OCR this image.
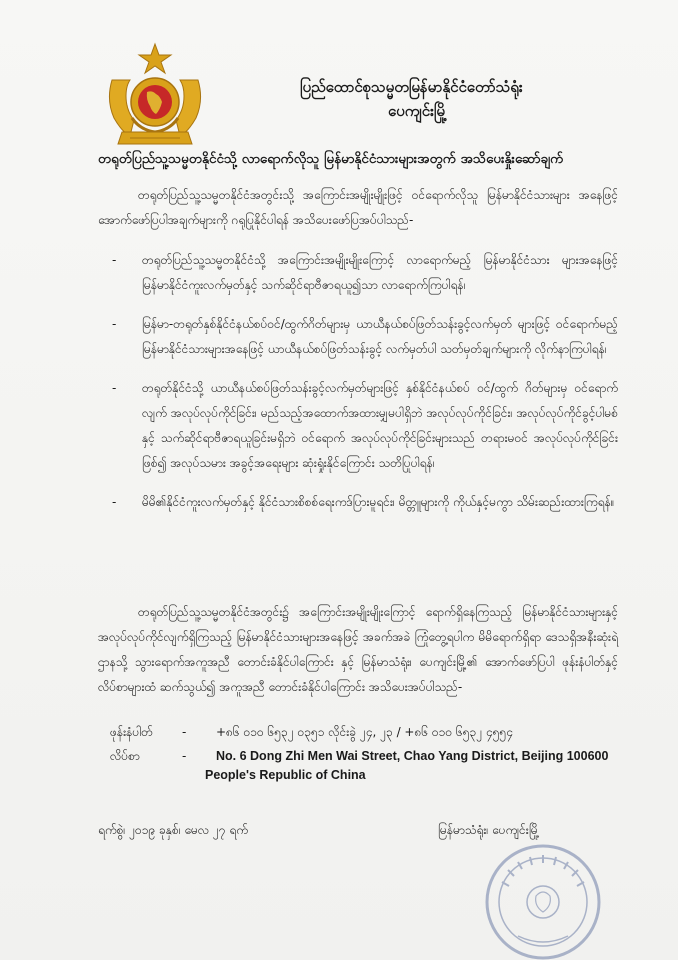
ပြည်ထောင်စုသမ္မတမြန်မာနိုင်ငံတော်သံရုံး
ပေကျင်းမြို့
တရုတ်ပြည်သူ့သမ္မတနိုင်ငံသို့ လာရောက်လိုသူ မြန်မာနိုင်ငံသားများအတွက် အသိပေးနှိုးဆော်ချက်

တရုတ်ပြည်သူ့သမ္မတနိုင်ငံအတွင်းသို့ အကြောင်းအမျိုးမျိုးဖြင့် ဝင်ရောက်လိုသူ မြန်မာနိုင်ငံသားများ အနေဖြင့် အောက်ဖော်ပြပါအချက်များကို ဂရုပြုနိုင်ပါရန် အသိပေးဖော်ပြအပ်ပါသည်-

-	တရုတ်ပြည်သူ့သမ္မတနိုင်ငံသို့ အကြောင်းအမျိုးမျိုးကြောင့် လာရောက်မည့် မြန်မာနိုင်ငံသား များအနေဖြင့် မြန်မာနိုင်ငံကူးလက်မှတ်နှင့် သက်ဆိုင်ရာဗီဇာရယူ၍သာ လာရောက်ကြပါရန်၊
-	မြန်မာ-တရုတ်နှစ်နိုင်ငံနယ်စပ်ဝင်/ထွက်ဂိတ်များမှ ယာယီနယ်စပ်ဖြတ်သန်းခွင့်လက်မှတ် များဖြင့် ဝင်ရောက်မည့် မြန်မာနိုင်ငံသားများအနေဖြင့် ယာယီနယ်စပ်ဖြတ်သန်းခွင့် လက်မှတ်ပါ သတ်မှတ်ချက်များကို လိုက်နာကြပါရန်၊
-	တရုတ်နိုင်ငံသို့ ယာယီနယ်စပ်ဖြတ်သန်းခွင့်လက်မှတ်များဖြင့် နှစ်နိုင်ငံနယ်စပ် ဝင်/ထွက် ဂိတ်များမှ ဝင်ရောက်လျက် အလုပ်လုပ်ကိုင်ခြင်း၊ မည်သည့်အထောက်အထားမျှမပါရှိဘဲ အလုပ်လုပ်ကိုင်ခြင်း၊ အလုပ်လုပ်ကိုင်ခွင့်ပါမစ်နှင့် သက်ဆိုင်ရာဗီဇာရယူခြင်းမရှိဘဲ ဝင်ရောက် အလုပ်လုပ်ကိုင်ခြင်းများသည် တရားမဝင် အလုပ်လုပ်ကိုင်ခြင်းဖြစ်၍ အလုပ်သမား အခွင့်အရေးများ ဆုံးရှုံးနိုင်ကြောင်း သတိပြုပါရန်၊
-	မိမိ၏နိုင်ငံကူးလက်မှတ်နှင့် နိုင်ငံသားစိစစ်ရေးကဒ်ပြားမူရင်း၊ မိတ္တူများကို ကိုယ်နှင့်မကွာ သိမ်းဆည်းထားကြရန်။

တရုတ်ပြည်သူ့သမ္မတနိုင်ငံအတွင်း၌ အကြောင်းအမျိုးမျိုးကြောင့် ရောက်ရှိနေကြသည့် မြန်မာနိုင်ငံသားများနှင့် အလုပ်လုပ်ကိုင်လျက်ရှိကြသည့် မြန်မာနိုင်ငံသားများအနေဖြင့် အခက်အခဲ ကြုံတွေ့ရပါက မိမိရောက်ရှိရာ ဒေသရှိအနီးဆုံးရဲဌာနသို့ သွားရောက်အကူအညီ တောင်းခံနိုင်ပါကြောင်း နှင့် မြန်မာသံရုံး၊ ပေကျင်းမြို့၏ အောက်ဖော်ပြပါ ဖုန်းနံပါတ်နှင့် လိပ်စာများထံ ဆက်သွယ်၍ အကူအညီ တောင်းခံနိုင်ပါကြောင်း အသိပေးအပ်ပါသည်-

ဖုန်းနံပါတ်	-	+၈၆ ၀၁၀ ၆၅၃၂ ၀၃၅၁ လိုင်းခွဲ ၂၄, ၂၃ / +၈၆ ၀၁၀ ၆၅၃၂ ၄၅၅၄
လိပ်စာ	-	No. 6 Dong Zhi Men Wai Street, Chao Yang District, Beijing 100600
People's Republic of China
ရက်စွဲ၊ ၂၀၁၉ ခုနှစ်၊ မေလ ၂၇ ရက်	မြန်မာသံရုံး၊ ပေကျင်းမြို့
